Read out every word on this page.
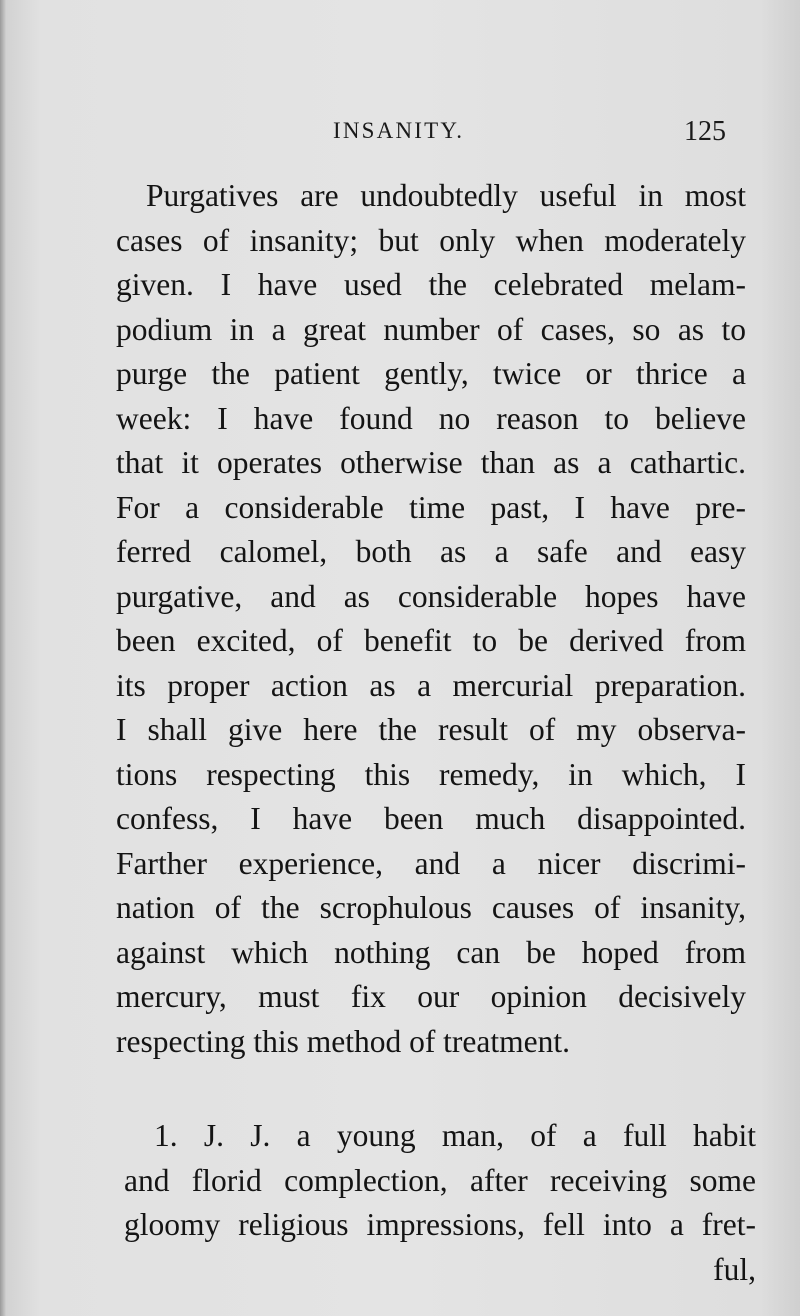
INSANITY.	125
Purgatives are undoubtedly useful in most
cases of insanity; but only when moderately
given. I have used the celebrated melam-
podium in a great number of cases, so as to
purge the patient gently, twice or thrice a
week: I have found no reason to believe
that it operates otherwise than as a cathartic.
For a considerable time past, I have pre-
ferred calomel, both as a safe and easy
purgative, and as considerable hopes have
been excited, of benefit to be derived from
its proper action as a mercurial preparation.
I shall give here the result of my observa-
tions respecting this remedy, in which, I
confess, I have been much disappointed.
Farther experience, and a nicer discrimi-
nation of the scrophulous causes of insanity,
against which nothing can be hoped from
mercury, must fix our opinion decisively
respecting this method of treatment.
1. J. J. a young man, of a full habit
and florid complection, after receiving some
gloomy religious impressions, fell into a fret-
ful,
